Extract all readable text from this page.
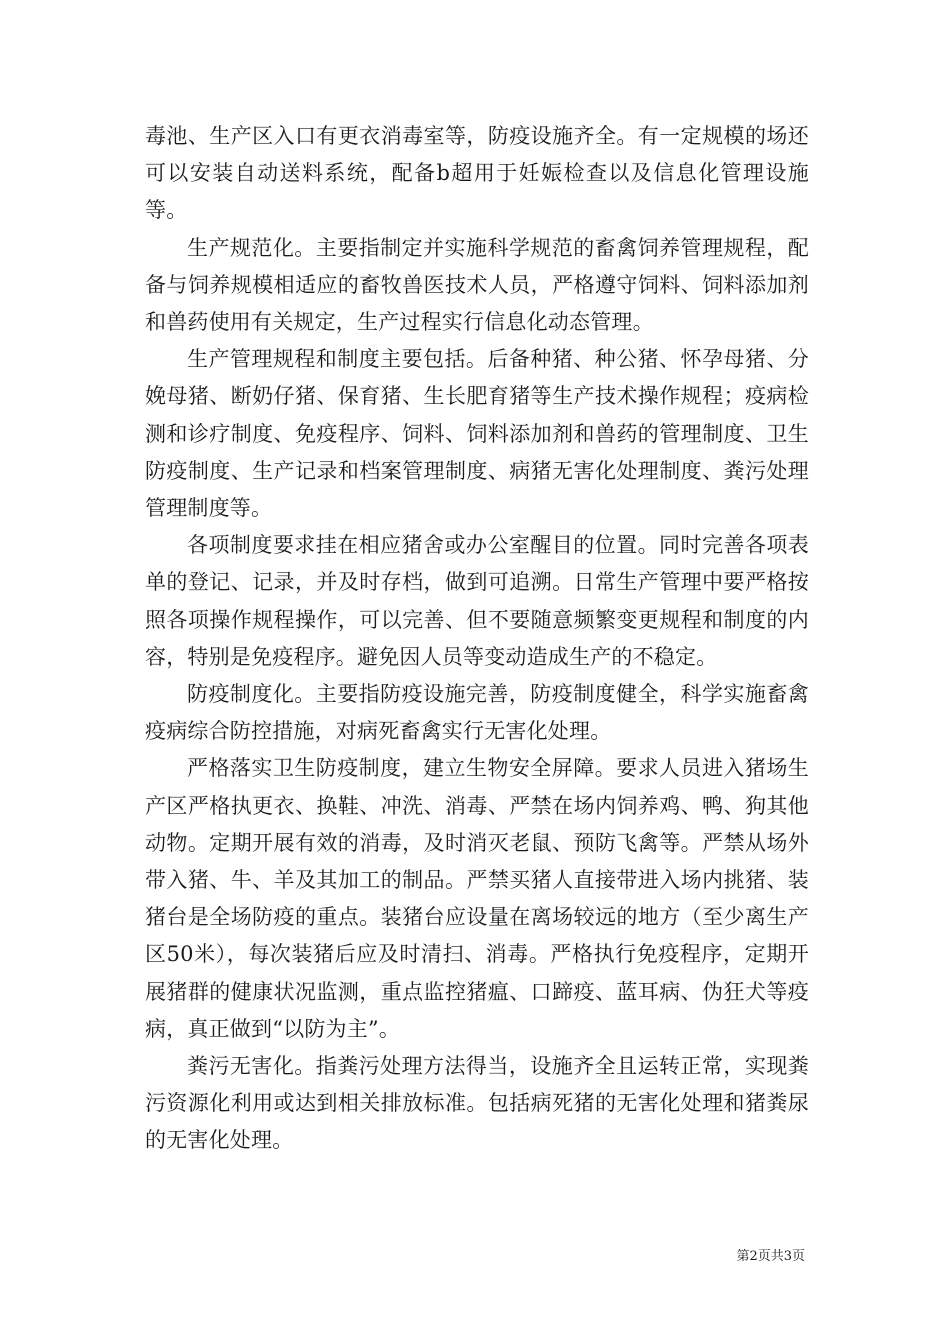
毒池、生产区入口有更衣消毒室等，防疫设施齐全。有一定规模的场还可以安装自动送料系统，配备b超用于妊娠检查以及信息化管理设施等。

生产规范化。主要指制定并实施科学规范的畜禽饲养管理规程，配备与饲养规模相适应的畜牧兽医技术人员，严格遵守饲料、饲料添加剂和兽药使用有关规定，生产过程实行信息化动态管理。

生产管理规程和制度主要包括。后备种猪、种公猪、怀孕母猪、分娩母猪、断奶仔猪、保育猪、生长肥育猪等生产技术操作规程；疫病检测和诊疗制度、免疫程序、饲料、饲料添加剂和兽药的管理制度、卫生防疫制度、生产记录和档案管理制度、病猪无害化处理制度、粪污处理管理制度等。

各项制度要求挂在相应猪舍或办公室醒目的位置。同时完善各项表单的登记、记录，并及时存档，做到可追溯。日常生产管理中要严格按照各项操作规程操作，可以完善、但不要随意频繁变更规程和制度的内容，特别是免疫程序。避免因人员等变动造成生产的不稳定。

防疫制度化。主要指防疫设施完善，防疫制度健全，科学实施畜禽疫病综合防控措施，对病死畜禽实行无害化处理。

严格落实卫生防疫制度，建立生物安全屏障。要求人员进入猪场生产区严格执更衣、换鞋、冲洗、消毒、严禁在场内饲养鸡、鸭、狗其他动物。定期开展有效的消毒，及时消灭老鼠、预防飞禽等。严禁从场外带入猪、牛、羊及其加工的制品。严禁买猪人直接带进入场内挑猪、装猪台是全场防疫的重点。装猪台应设量在离场较远的地方（至少离生产区50米），每次装猪后应及时清扫、消毒。严格执行免疫程序，定期开展猪群的健康状况监测，重点监控猪瘟、口蹄疫、蓝耳病、伪狂犬等疫病，真正做到“以防为主”。

粪污无害化。指粪污处理方法得当，设施齐全且运转正常，实现粪污资源化利用或达到相关排放标准。包括病死猪的无害化处理和猪粪尿的无害化处理。

第2页共3页
